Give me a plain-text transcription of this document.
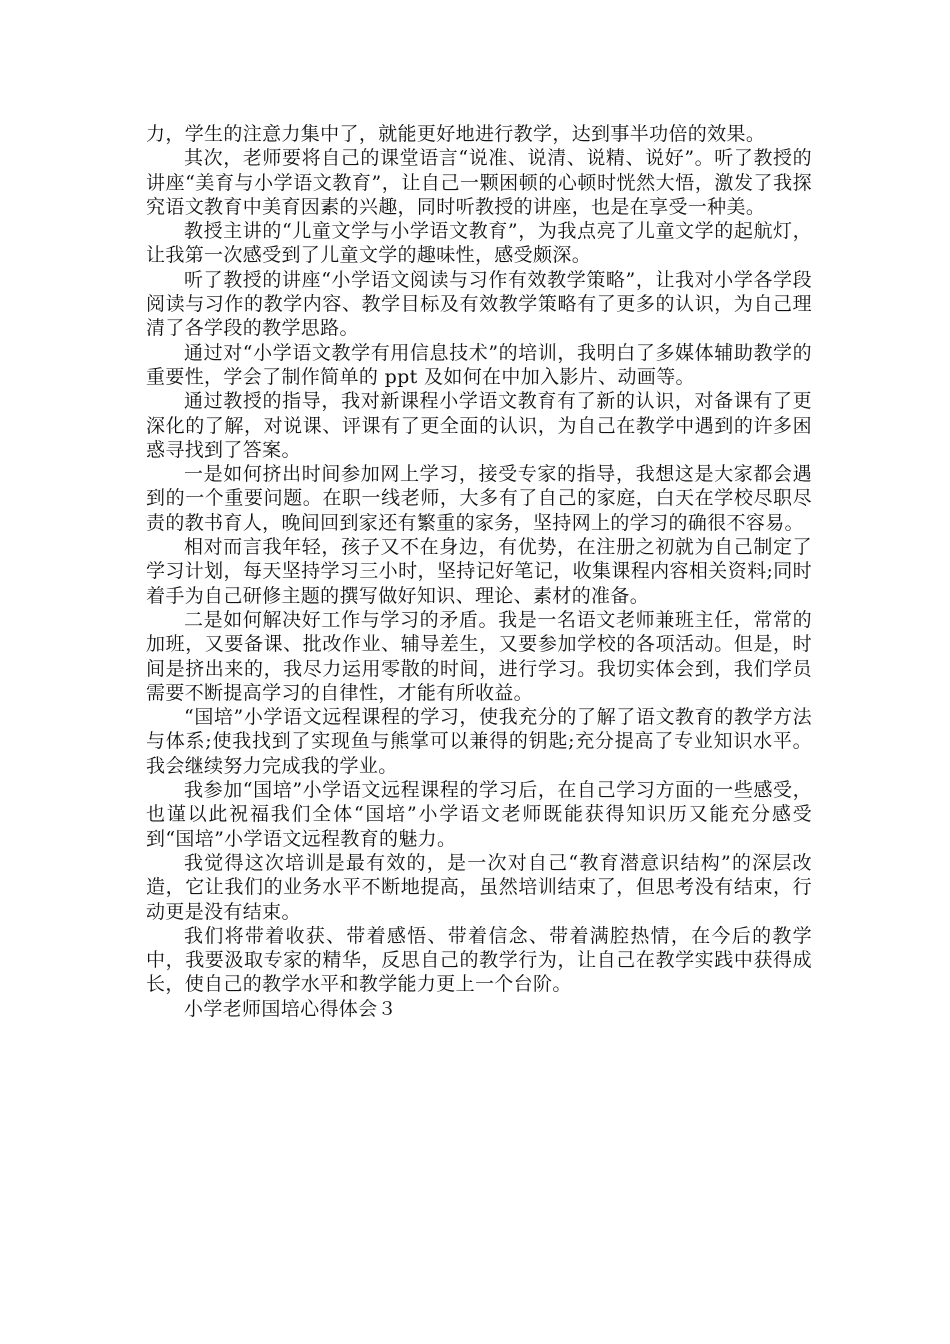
力，学生的注意力集中了，就能更好地进行教学，达到事半功倍的效果。

其次，老师要将自己的课堂语言“说准、说清、说精、说好”。听了教授的讲座“美育与小学语文教育”，让自己一颗困顿的心顿时恍然大悟，激发了我探究语文教育中美育因素的兴趣，同时听教授的讲座，也是在享受一种美。

教授主讲的“儿童文学与小学语文教育”，为我点亮了儿童文学的起航灯，让我第一次感受到了儿童文学的趣味性，感受颇深。

听了教授的讲座“小学语文阅读与习作有效教学策略”，让我对小学各学段阅读与习作的教学内容、教学目标及有效教学策略有了更多的认识，为自己理清了各学段的教学思路。

通过对“小学语文教学有用信息技术”的培训，我明白了多媒体辅助教学的重要性，学会了制作简单的 ppt 及如何在中加入影片、动画等。

通过教授的指导，我对新课程小学语文教育有了新的认识，对备课有了更深化的了解，对说课、评课有了更全面的认识，为自己在教学中遇到的许多困惑寻找到了答案。

一是如何挤出时间参加网上学习，接受专家的指导，我想这是大家都会遇到的一个重要问题。在职一线老师，大多有了自己的家庭，白天在学校尽职尽责的教书育人，晚间回到家还有繁重的家务，坚持网上的学习的确很不容易。

相对而言我年轻，孩子又不在身边，有优势，在注册之初就为自己制定了学习计划，每天坚持学习三小时，坚持记好笔记，收集课程内容相关资料;同时着手为自己研修主题的撰写做好知识、理论、素材的准备。

二是如何解决好工作与学习的矛盾。我是一名语文老师兼班主任，常常的加班，又要备课、批改作业、辅导差生，又要参加学校的各项活动。但是，时间是挤出来的，我尽力运用零散的时间，进行学习。我切实体会到，我们学员需要不断提高学习的自律性，才能有所收益。

“国培”小学语文远程课程的学习，使我充分的了解了语文教育的教学方法与体系;使我找到了实现鱼与熊掌可以兼得的钥匙;充分提高了专业知识水平。我会继续努力完成我的学业。

我参加“国培”小学语文远程课程的学习后，在自己学习方面的一些感受，也谨以此祝福我们全体“国培”小学语文老师既能获得知识历又能充分感受到“国培”小学语文远程教育的魅力。

我觉得这次培训是最有效的，是一次对自己“教育潜意识结构”的深层改造，它让我们的业务水平不断地提高，虽然培训结束了，但思考没有结束，行动更是没有结束。

我们将带着收获、带着感悟、带着信念、带着满腔热情，在今后的教学中，我要汲取专家的精华，反思自己的教学行为，让自己在教学实践中获得成长，使自己的教学水平和教学能力更上一个台阶。

小学老师国培心得体会３
